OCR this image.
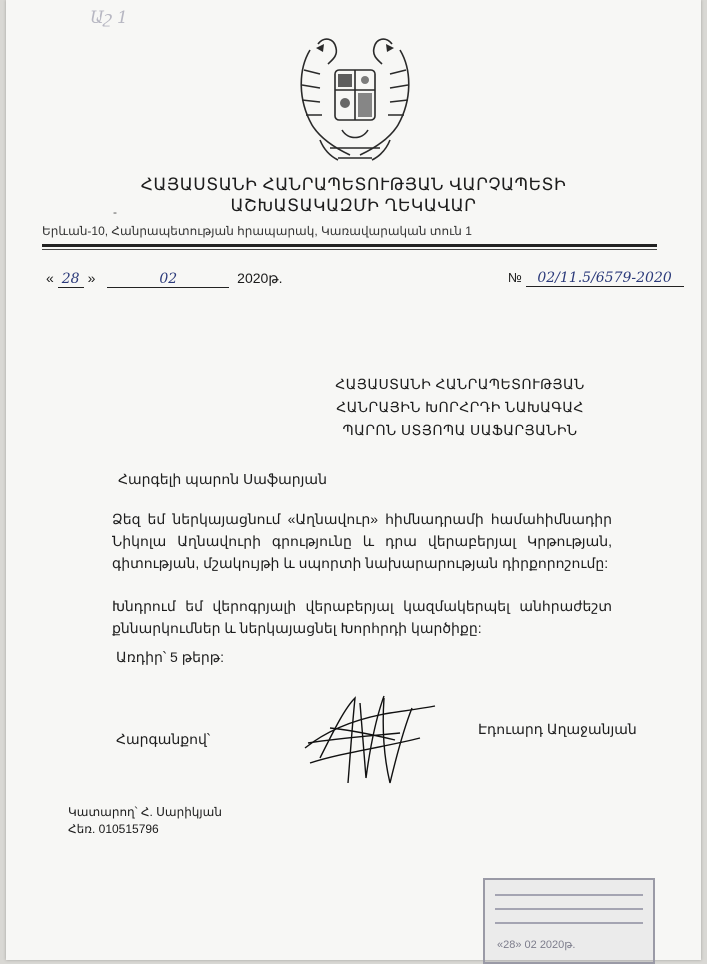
Աշ 1
ՀԱՅԱՍՏԱՆԻ ՀԱՆՐԱՊԵՏՈՒԹՅԱՆ ՎԱՐՉԱՊԵՏԻ
ԱՇԽԱՏԱԿԱԶՄԻ ՂԵԿԱՎԱՐ
-
Երևան-10, Հանրապետության հրապարակ, Կառավարական տուն 1
« 28 »	02	2020թ.	№ 02/11.5/6579-2020
ՀԱՅԱՍՏԱՆԻ ՀԱՆՐԱՊԵՏՈՒԹՅԱՆ
ՀԱՆՐԱՅԻՆ ԽՈՐՀՐԴԻ ՆԱԽԱԳԱՀ
ՊԱՐՈՆ ՍՏՅՈՊԱ ՍԱՖԱՐՅԱՆԻՆ
Հարգելի պարոն Սաֆարյան
Ձեզ եմ ներկայացնում «Աղնավուր» հիմնադրամի համահիմնադիր Նիկոլա Աղնավուրի գրությունը և դրա վերաբերյալ Կրթության, գիտության, մշակույթի և սպորտի նախարարության դիրքորոշումը:
Խնդրում եմ վերոգրյալի վերաբերյալ կազմակերպել անհրաժեշտ քննարկումներ և ներկայացնել Խորհրդի կարծիքը:
Առդիր՝ 5 թերթ:
Հարգանքով՝
Էդուարդ Աղաջանյան
Կատարող՝ Հ. Սարիկյան
Հեռ. 010515796
«28» 02 2020թ.
